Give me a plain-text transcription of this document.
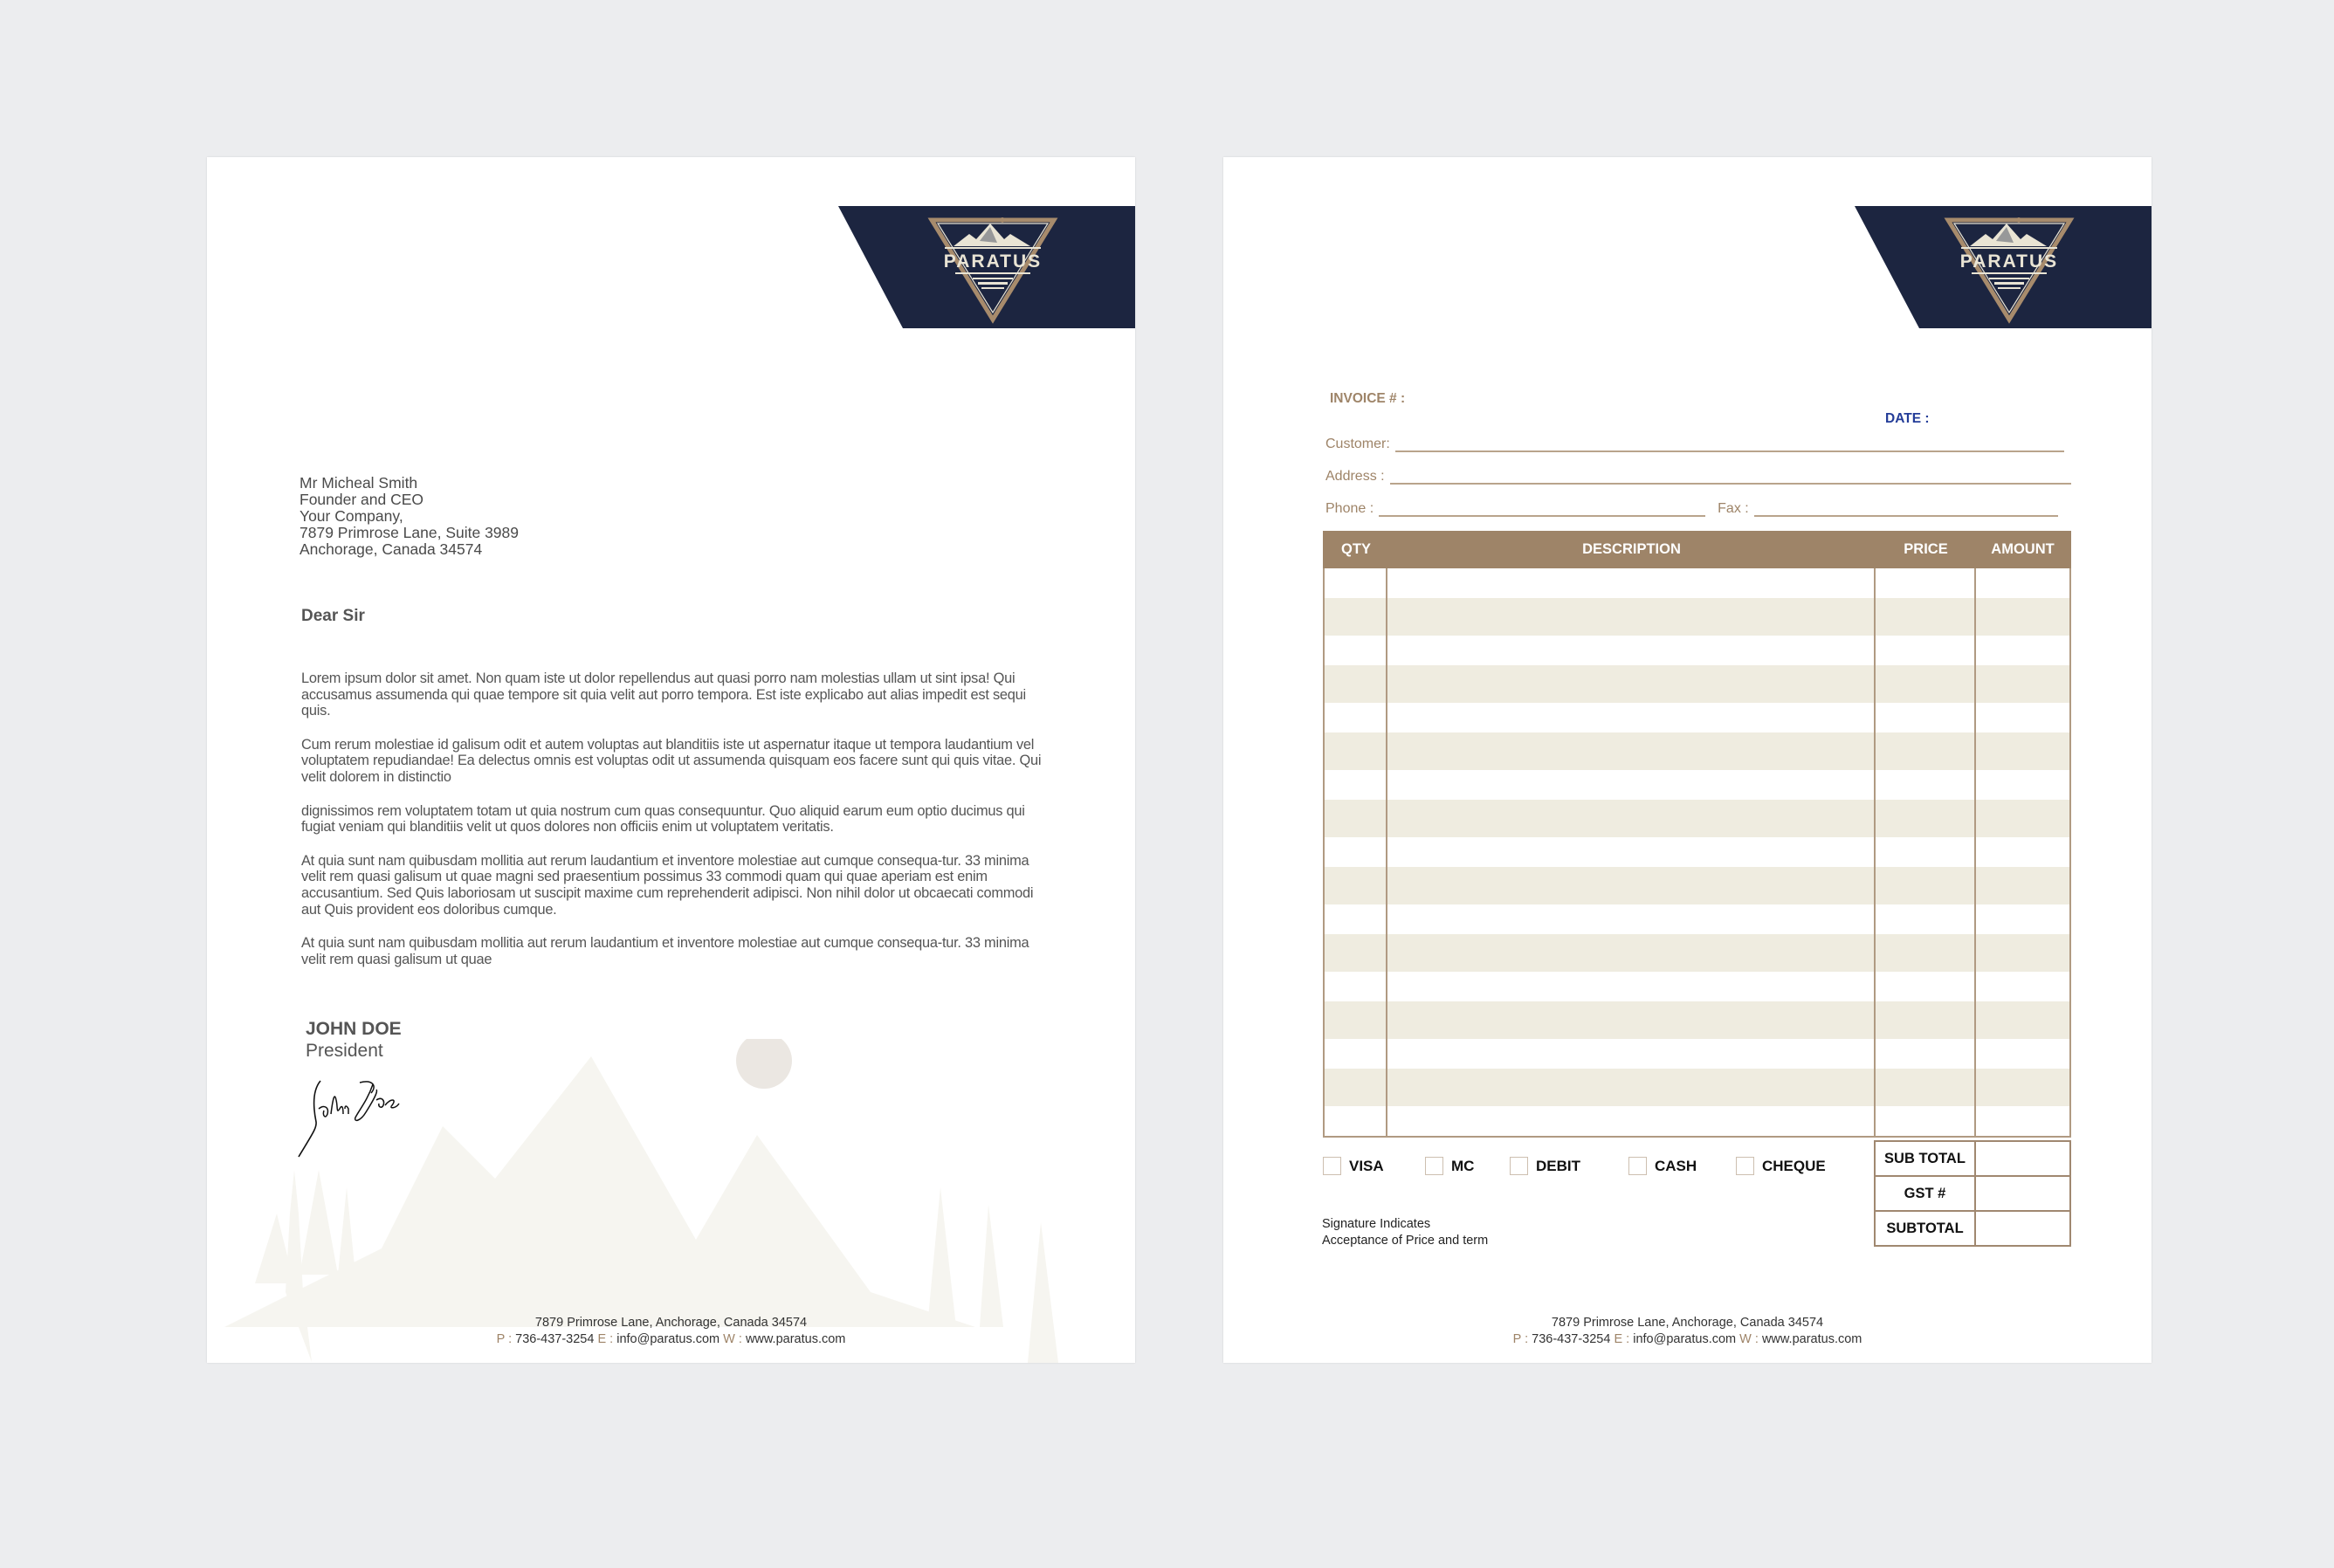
PARATUS
Mr Micheal Smith
Founder and CEO
Your Company,
7879 Primrose Lane, Suite 3989
Anchorage, Canada 34574
Dear Sir

Lorem ipsum dolor sit amet. Non quam iste ut dolor repellendus aut quasi porro nam molestias ullam ut sint ipsa! Qui accusamus assumenda qui quae tempore sit quia velit aut porro tempora. Est iste explicabo aut alias impedit est sequi quis.

Cum rerum molestiae id galisum odit et autem voluptas aut blanditiis iste ut aspernatur itaque ut tempora laudantium vel voluptatem repudiandae! Ea delectus omnis est voluptas odit ut assumenda quisquam eos facere sunt qui quis vitae. Qui velit dolorem in distinctio

dignissimos rem voluptatem totam ut quia nostrum cum quas consequuntur. Quo aliquid earum eum optio ducimus qui fugiat veniam qui blanditiis velit ut quos dolores non officiis enim ut voluptatem veritatis.

At quia sunt nam quibusdam mollitia aut rerum laudantium et inventore molestiae aut cumque consequa-tur. 33 minima velit rem quasi galisum ut quae magni sed praesentium possimus 33 commodi quam qui quae aperiam est enim accusantium. Sed Quis laboriosam ut suscipit maxime cum reprehenderit adipisci. Non nihil dolor ut obcaecati commodi aut Quis provident eos doloribus cumque.

At quia sunt nam quibusdam mollitia aut rerum laudantium et inventore molestiae aut cumque consequa-tur. 33 minima velit rem quasi galisum ut quae

JOHN DOE
President
7879 Primrose Lane, Anchorage, Canada 34574
P : 736-437-3254 E : info@paratus.com W : www.paratus.com
PARATUS
INVOICE # :
DATE :
Customer:
Address :
Phone :	Fax :
QTY	DESCRIPTION	PRICE	AMOUNT
VISA	MC	DEBIT	CASH	CHEQUE
Signature Indicates
Acceptance of Price and term
SUB TOTAL
GST #
SUBTOTAL
7879 Primrose Lane, Anchorage, Canada 34574
P : 736-437-3254 E : info@paratus.com W : www.paratus.com
